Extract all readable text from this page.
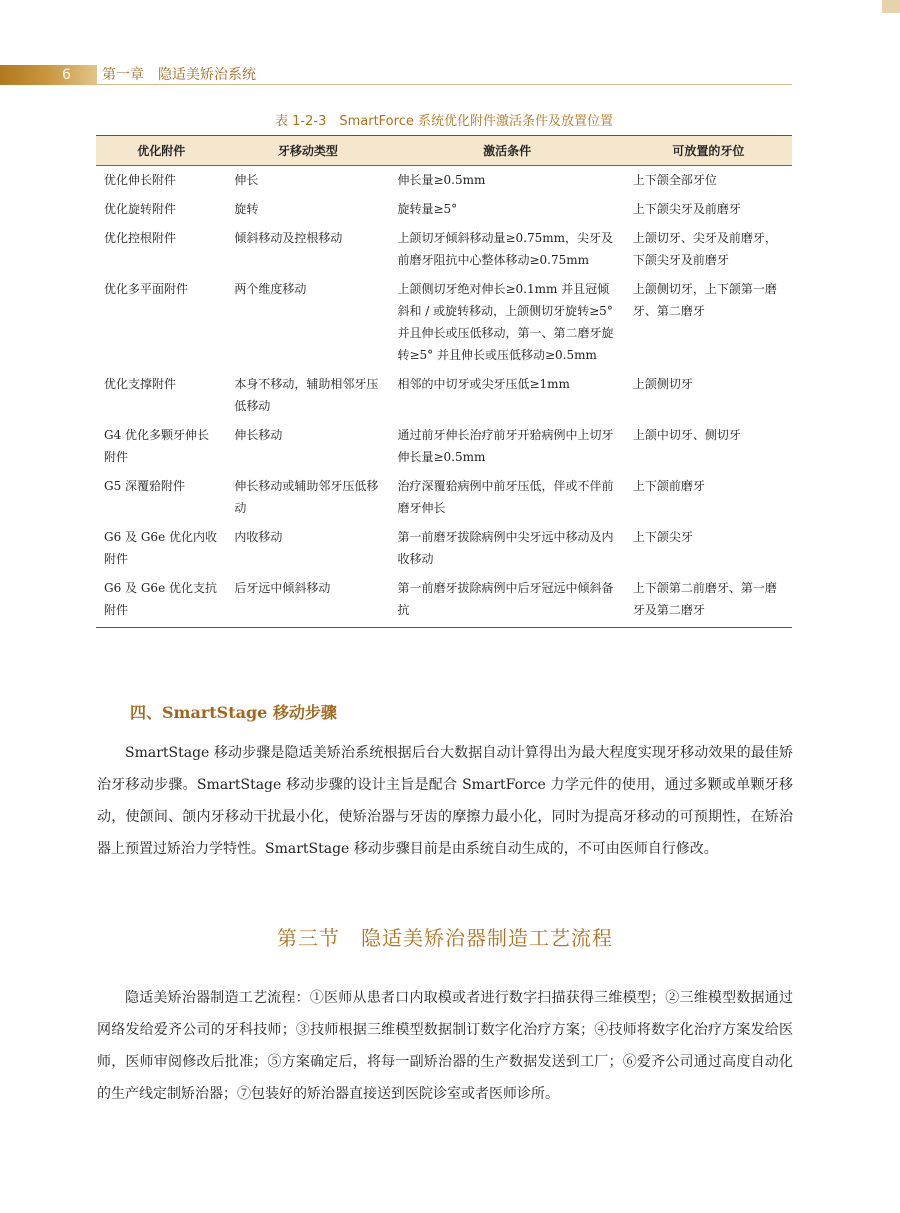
6 第一章　隐适美矫治系统
表 1-2-3　SmartForce 系统优化附件激活条件及放置位置
优化附件	牙移动类型	激活条件	可放置的牙位
优化伸长附件	伸长	伸长量≥0.5mm	上下颌全部牙位
优化旋转附件	旋转	旋转量≥5°	上下颌尖牙及前磨牙
优化控根附件	倾斜移动及控根移动	上颌切牙倾斜移动量≥0.75mm，尖牙及前磨牙阻抗中心整体移动≥0.75mm	上颌切牙、尖牙及前磨牙，下颌尖牙及前磨牙
优化多平面附件	两个维度移动	上颌侧切牙绝对伸长≥0.1mm 并且冠倾斜和 / 或旋转移动，上颌侧切牙旋转≥5° 并且伸长或压低移动，第一、第二磨牙旋转≥5° 并且伸长或压低移动≥0.5mm	上颌侧切牙，上下颌第一磨牙、第二磨牙
优化支撑附件	本身不移动，辅助相邻牙压低移动	相邻的中切牙或尖牙压低≥1mm	上颌侧切牙
G4 优化多颗牙伸长附件	伸长移动	通过前牙伸长治疗前牙开𬌗病例中上切牙伸长量≥0.5mm	上颌中切牙、侧切牙
G5 深覆𬌗附件	伸长移动或辅助邻牙压低移动	治疗深覆𬌗病例中前牙压低，伴或不伴前磨牙伸长	上下颌前磨牙
G6 及 G6e 优化内收附件	内收移动	第一前磨牙拔除病例中尖牙远中移动及内收移动	上下颌尖牙
G6 及 G6e 优化支抗附件	后牙远中倾斜移动	第一前磨牙拔除病例中后牙冠远中倾斜备抗	上下颌第二前磨牙、第一磨牙及第二磨牙
四、SmartStage 移动步骤

SmartStage 移动步骤是隐适美矫治系统根据后台大数据自动计算得出为最大程度实现牙移动效果的最佳矫治牙移动步骤。SmartStage 移动步骤的设计主旨是配合 SmartForce 力学元件的使用，通过多颗或单颗牙移动，使颌间、颌内牙移动干扰最小化，使矫治器与牙齿的摩擦力最小化，同时为提高牙移动的可预期性，在矫治器上预置过矫治力学特性。SmartStage 移动步骤目前是由系统自动生成的，不可由医师自行修改。

第三节　隐适美矫治器制造工艺流程

隐适美矫治器制造工艺流程：①医师从患者口内取模或者进行数字扫描获得三维模型；②三维模型数据通过网络发给爱齐公司的牙科技师；③技师根据三维模型数据制订数字化治疗方案；④技师将数字化治疗方案发给医师，医师审阅修改后批准；⑤方案确定后，将每一副矫治器的生产数据发送到工厂；⑥爱齐公司通过高度自动化的生产线定制矫治器；⑦包装好的矫治器直接送到医院诊室或者医师诊所。
